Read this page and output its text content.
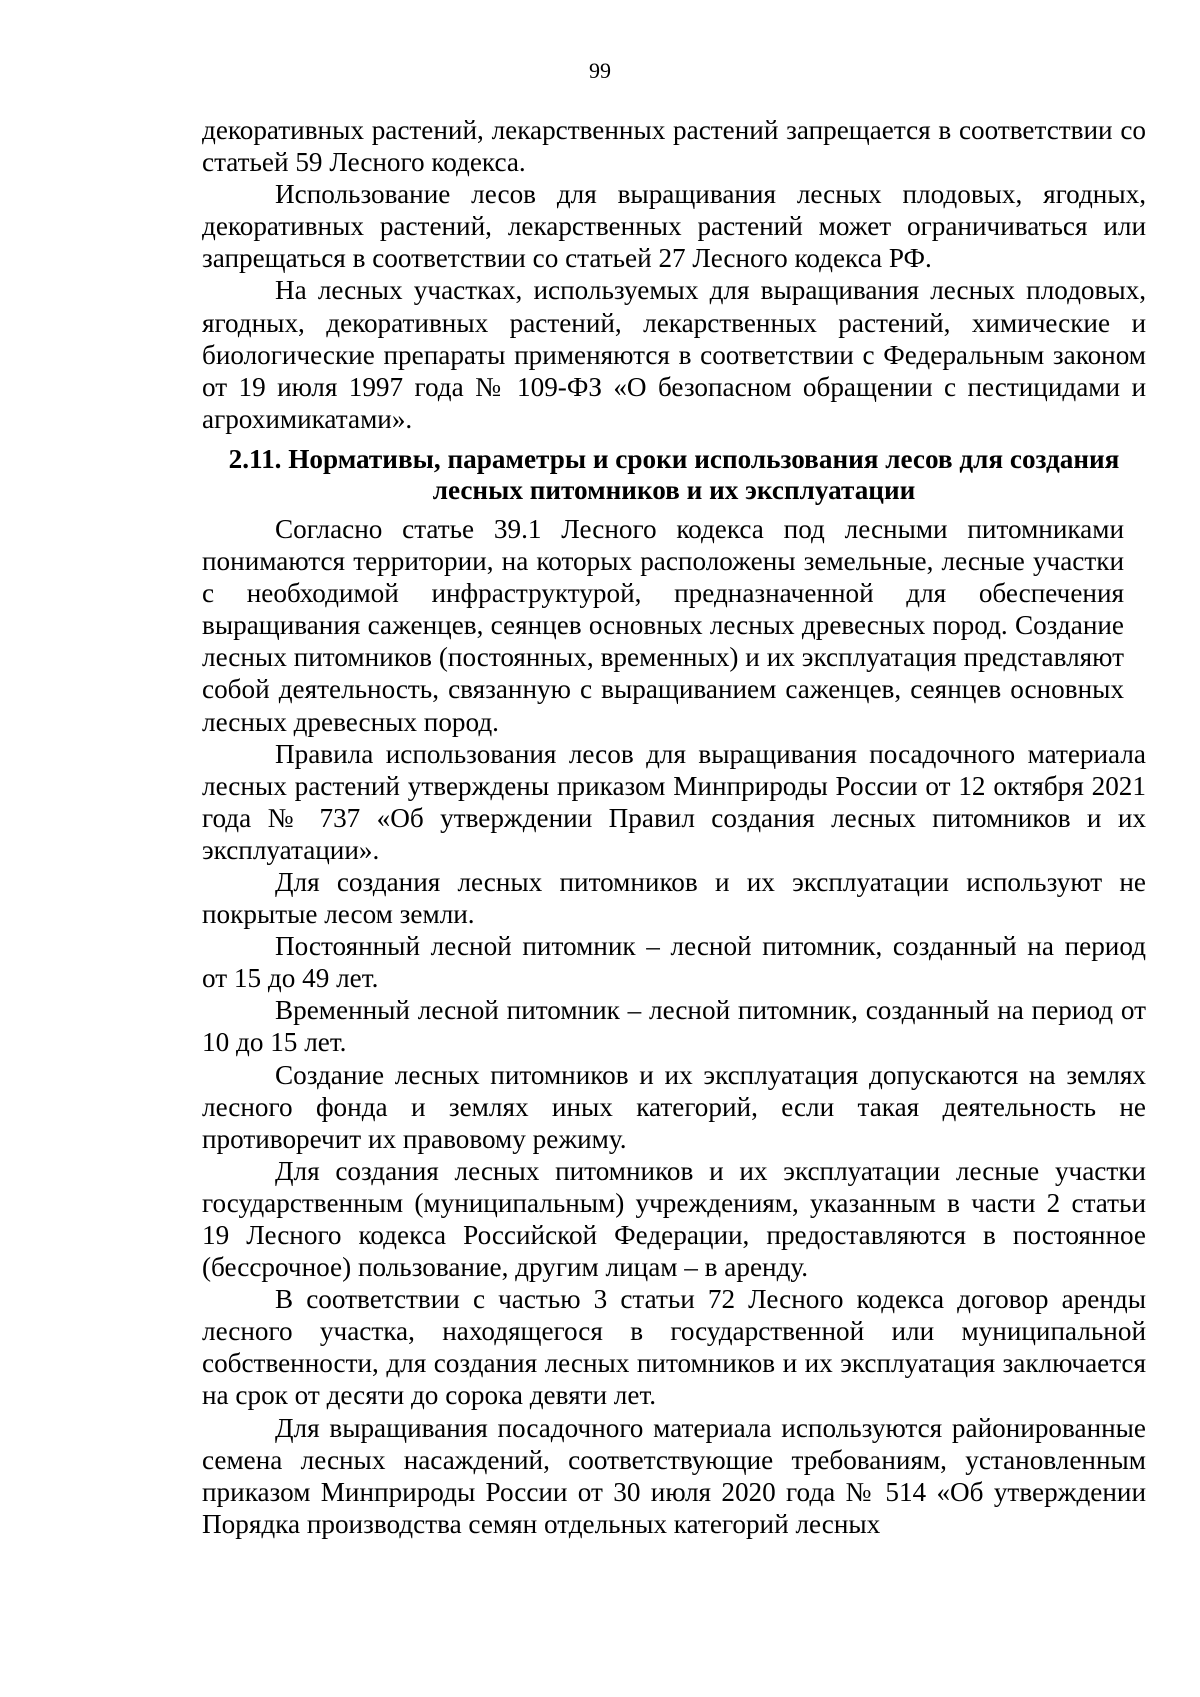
99

декоративных растений, лекарственных растений запрещается в соответствии со статьей 59 Лесного кодекса.

Использование лесов для выращивания лесных плодовых, ягодных, декоративных растений, лекарственных растений может ограничиваться или запрещаться в соответствии со статьей 27 Лесного кодекса РФ.

На лесных участках, используемых для выращивания лесных плодовых, ягодных, декоративных растений, лекарственных растений, химические и биологические препараты применяются в соответствии с Федеральным законом от 19 июля 1997 года № 109-ФЗ «О безопасном обращении с пестицидами и агрохимикатами».

2.11. Нормативы, параметры и сроки использования лесов для создания
лесных питомников и их эксплуатации

Согласно статье 39.1 Лесного кодекса под лесными питомниками понимаются территории, на которых расположены земельные, лесные участки с необходимой инфраструктурой, предназначенной для обеспечения выращивания саженцев, сеянцев основных лесных древесных пород. Создание лесных питомников (постоянных, временных) и их эксплуатация представляют собой деятельность, связанную с выращиванием саженцев, сеянцев основных лесных древесных пород.

Правила использования лесов для выращивания посадочного материала лесных растений утверждены приказом Минприроды России от 12 октября 2021 года № 737 «Об утверждении Правил создания лесных питомников и их эксплуатации».

Для создания лесных питомников и их эксплуатации используют не покрытые лесом земли.

Постоянный лесной питомник – лесной питомник, созданный на период от 15 до 49 лет.

Временный лесной питомник – лесной питомник, созданный на период от 10 до 15 лет.

Создание лесных питомников и их эксплуатация допускаются на землях лесного фонда и землях иных категорий, если такая деятельность не противоречит их правовому режиму.

Для создания лесных питомников и их эксплуатации лесные участки государственным (муниципальным) учреждениям, указанным в части 2 статьи 19 Лесного кодекса Российской Федерации, предоставляются в постоянное (бессрочное) пользование, другим лицам – в аренду.

В соответствии с частью 3 статьи 72 Лесного кодекса договор аренды лесного участка, находящегося в государственной или муниципальной собственности, для создания лесных питомников и их эксплуатация заключается на срок от десяти до сорока девяти лет.

Для выращивания посадочного материала используются районированные семена лесных насаждений, соответствующие требованиям, установленным приказом Минприроды России от 30 июля 2020 года № 514 «Об утверждении Порядка производства семян отдельных категорий лесных
